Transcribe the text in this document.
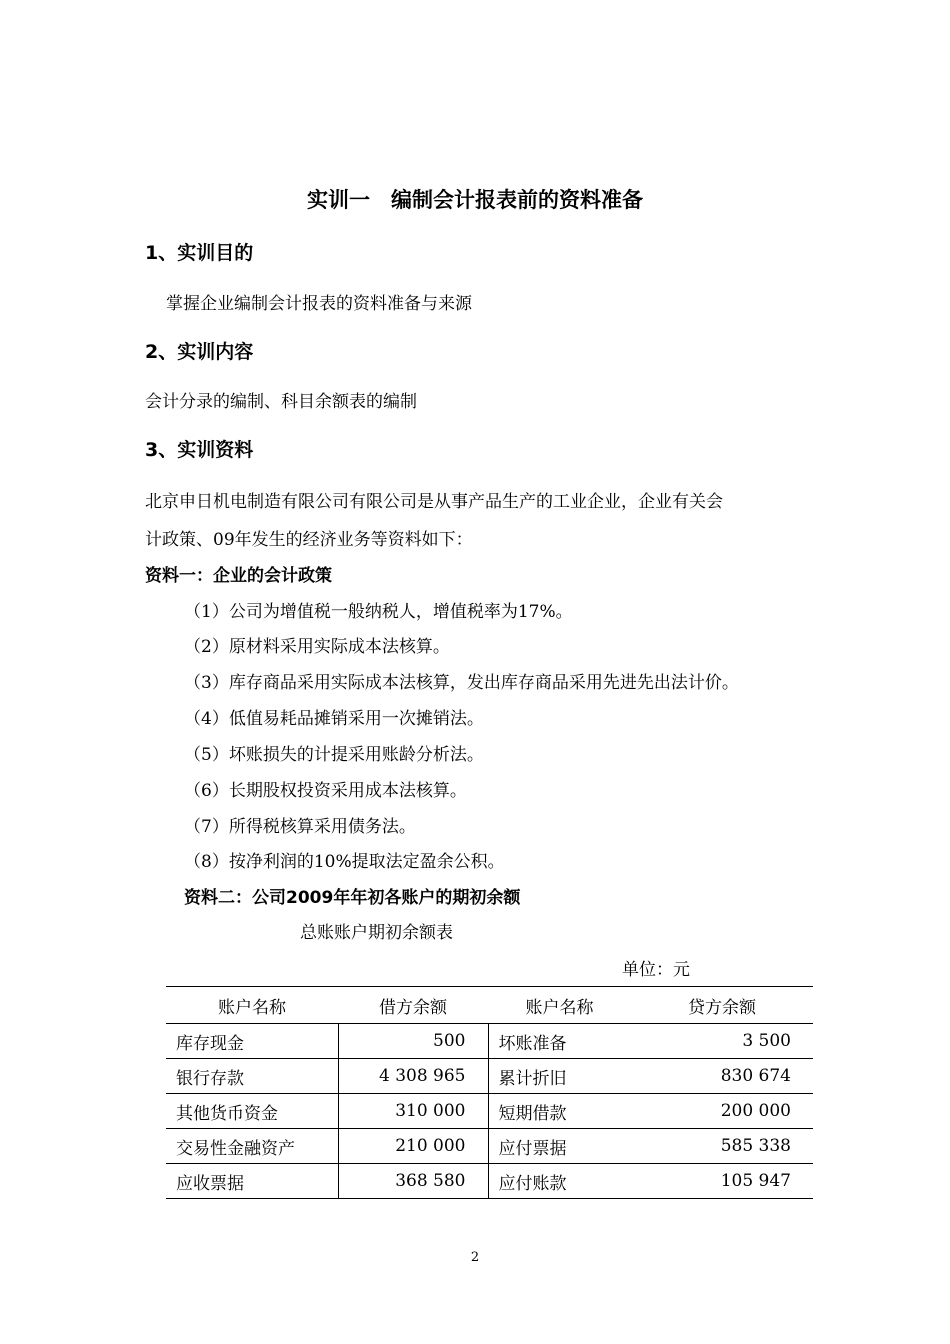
实训一　编制会计报表前的资料准备
1、实训目的
掌握企业编制会计报表的资料准备与来源
2、实训内容
会计分录的编制、科目余额表的编制
3、实训资料
北京申日机电制造有限公司有限公司是从事产品生产的工业企业，企业有关会
计政策、09年发生的经济业务等资料如下：
资料一：企业的会计政策
（1）公司为增值税一般纳税人，增值税率为17%。
（2）原材料采用实际成本法核算。
（3）库存商品采用实际成本法核算，发出库存商品采用先进先出法计价。
（4）低值易耗品摊销采用一次摊销法。
（5）坏账损失的计提采用账龄分析法。
（6）长期股权投资采用成本法核算。
（7）所得税核算采用债务法。
（8）按净利润的10%提取法定盈余公积。
资料二：公司2009年年初各账户的期初余额
总账账户期初余额表
单位：元
账户名称	借方余额	账户名称	贷方余额
库存现金	500	坏账准备	3 500
银行存款	4 308 965	累计折旧	830 674
其他货币资金	310 000	短期借款	200 000
交易性金融资产	210 000	应付票据	585 338
应收票据	368 580	应付账款	105 947
2
